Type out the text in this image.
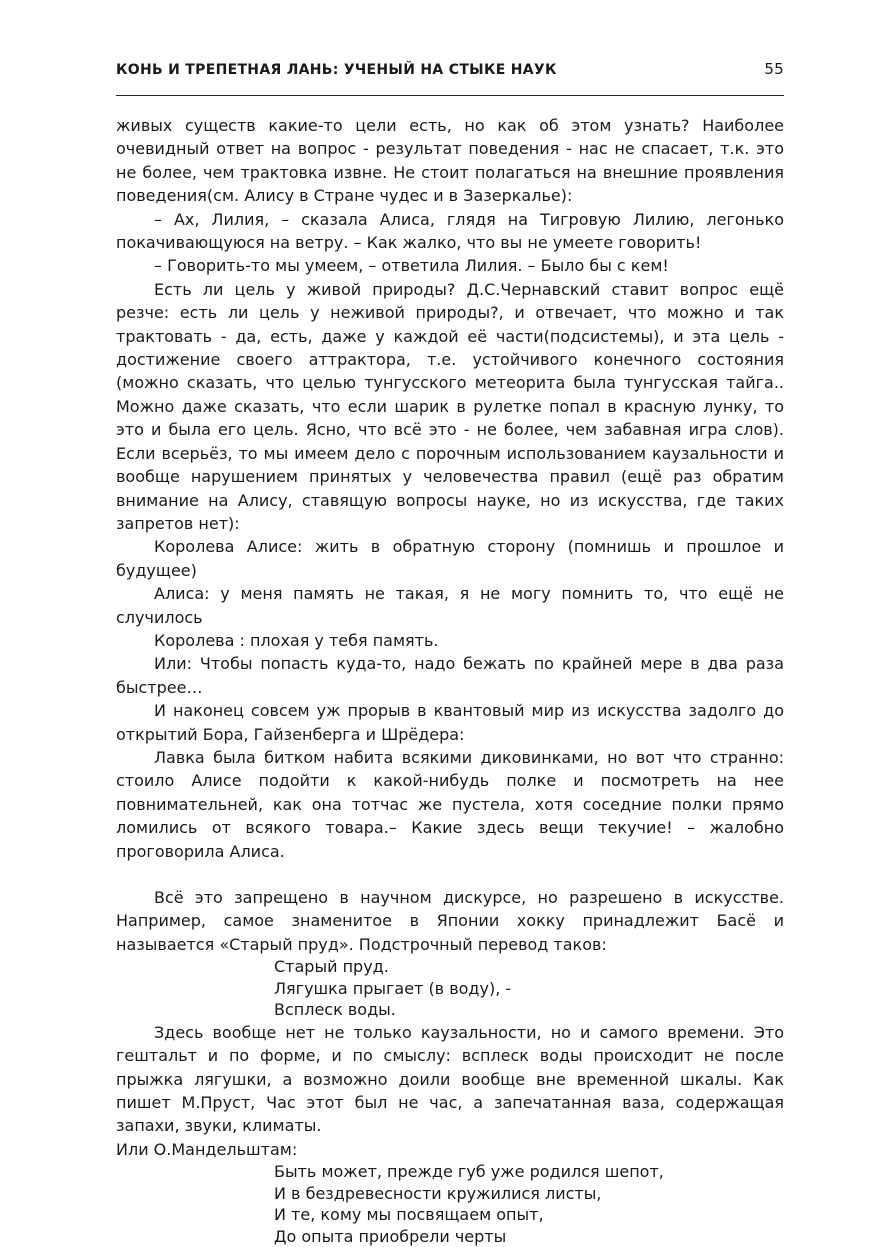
КОНЬ И ТРЕПЕТНАЯ ЛАНЬ: УЧЕНЫЙ НА СТЫКЕ НАУК	55

живых существ какие-то цели есть, но как об этом узнать? Наиболее очевидный ответ на вопрос - результат поведения - нас не спасает, т.к. это не более, чем трактовка извне. Не стоит полагаться на внешние проявления поведения(см. Алису в Стране чудес и в Зазеркалье):

– Ах, Лилия, – сказала Алиса, глядя на Тигровую Лилию, легонько покачивающуюся на ветру. – Как жалко, что вы не умеете говорить!

– Говорить-то мы умеем, – ответила Лилия. – Было бы с кем!

Есть ли цель у живой природы? Д.С.Чернавский ставит вопрос ещё резче: есть ли цель у неживой природы?, и отвечает, что можно и так трактовать - да, есть, даже у каждой её части(подсистемы), и эта цель - достижение своего аттрактора, т.е. устойчивого конечного состояния (можно сказать, что целью тунгусского метеорита была тунгусская тайга.. Можно даже сказать, что если шарик в рулетке попал в красную лунку, то это и была его цель. Ясно, что всё это - не более, чем забавная игра слов). Если всерьёз, то мы имеем дело с порочным использованием каузальности и вообще нарушением принятых у человечества правил (ещё раз обратим внимание на Алису, ставящую вопросы науке, но из искусства, где таких запретов нет):

Королева Алисе: жить в обратную сторону (помнишь и прошлое и будущее)

Алиса: у меня память не такая, я не могу помнить то, что ещё не случилось

Королева : плохая у тебя память.

Или: Чтобы попасть куда-то, надо бежать по крайней мере в два раза быстрее…

И наконец совсем уж прорыв в квантовый мир из искусства задолго до открытий Бора, Гайзенберга и Шрёдера:

Лавка была битком набита всякими диковинками, но вот что странно: стоило Алисе подойти к какой-нибудь полке и посмотреть на нее повнимательней, как она тотчас же пустела, хотя соседние полки прямо ломились от всякого товара.– Какие здесь вещи текучие! – жалобно проговорила Алиса.

Всё это запрещено в научном дискурсе, но разрешено в искусстве. Например, самое знаменитое в Японии хокку принадлежит Басё и называется «Старый пруд». Подстрочный перевод таков:

Старый пруд.
Лягушка прыгает (в воду), -
Всплеск воды.

Здесь вообще нет не только каузальности, но и самого времени. Это гештальт и по форме, и по смыслу: всплеск воды происходит не после прыжка лягушки, а возможно доили вообще вне временной шкалы. Как пишет М.Пруст, Час этот был не час, а запечатанная ваза, содержащая запахи, звуки, климаты.

Или О.Мандельштам:

Быть может, прежде губ уже родился шепот,
И в бездревесности кружилися листы,
И те, кому мы посвящаем опыт,
До опыта приобрели черты
